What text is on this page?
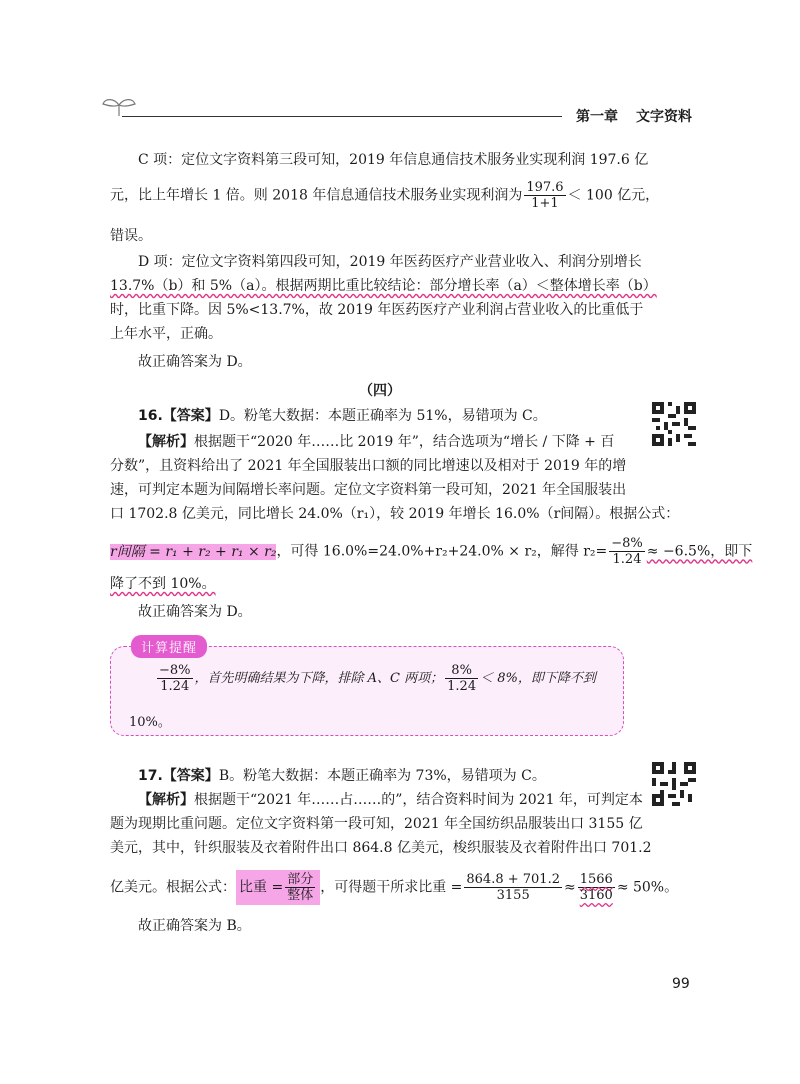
第一章 文字资料
C 项：定位文字资料第三段可知，2019 年信息通信技术服务业实现利润 197.6 亿
元，比上年增长 1 倍。则 2018 年信息通信技术服务业实现利润为 $\frac{197.6}{1+1} < 100$ 亿元，
错误。
D 项：定位文字资料第四段可知，2019 年医药医疗产业营业收入、利润分别增长
13.7%（b）和 5%（a）。根据两期比重比较结论：部分增长率（a）＜整体增长率（b）
时，比重下降。因 5%<13.7%，故 2019 年医药医疗产业利润占营业收入的比重低于
上年水平，正确。
故正确答案为 D。
（四）
16.【答案】D。粉笔大数据：本题正确率为 51%，易错项为 C。
【解析】根据题干“2020 年……比 2019 年”，结合选项为“增长 / 下降 + 百
分数”，且资料给出了 2021 年全国服装出口额的同比增速以及相对于 2019 年的增
速，可判定本题为间隔增长率问题。定位文字资料第一段可知，2021 年全国服装出
口 1702.8 亿美元，同比增长 24.0%（r₁），较 2019 年增长 16.0%（r间隔）。根据公式：
r间隔 = r₁ + r₂ + r₁ × r₂，可得 16.0%=24.0%+r₂+24.0% × r₂，解得 $r_2= \frac{-8\%}{1.24} \approx -6.5\%$，即下
降了不到 10%。
故正确答案为 D。
计算提醒
$\frac{-8\%}{1.24}$ ，首先明确结果为下降，排除 A、C 两项； $\frac{8\%}{1.24} < 8\%$，即下降不到
10%。
17.【答案】B。粉笔大数据：本题正确率为 73%，易错项为 C。
【解析】根据题干“2021 年……占……的”，结合资料时间为 2021 年，可判定本
题为现期比重问题。定位文字资料第一段可知，2021 年全国纺织品服装出口 3155 亿
美元，其中，针织服装及衣着附件出口 864.8 亿美元，梭织服装及衣着附件出口 701.2
亿美元。根据公式： 比重 = $\frac{\text{部分}}{\text{整体}}$ ，可得题干所求比重 = $\frac{864.8 + 701.2}{3155} \approx \frac{1566}{3160} \approx 50\%$。
故正确答案为 B。
99
